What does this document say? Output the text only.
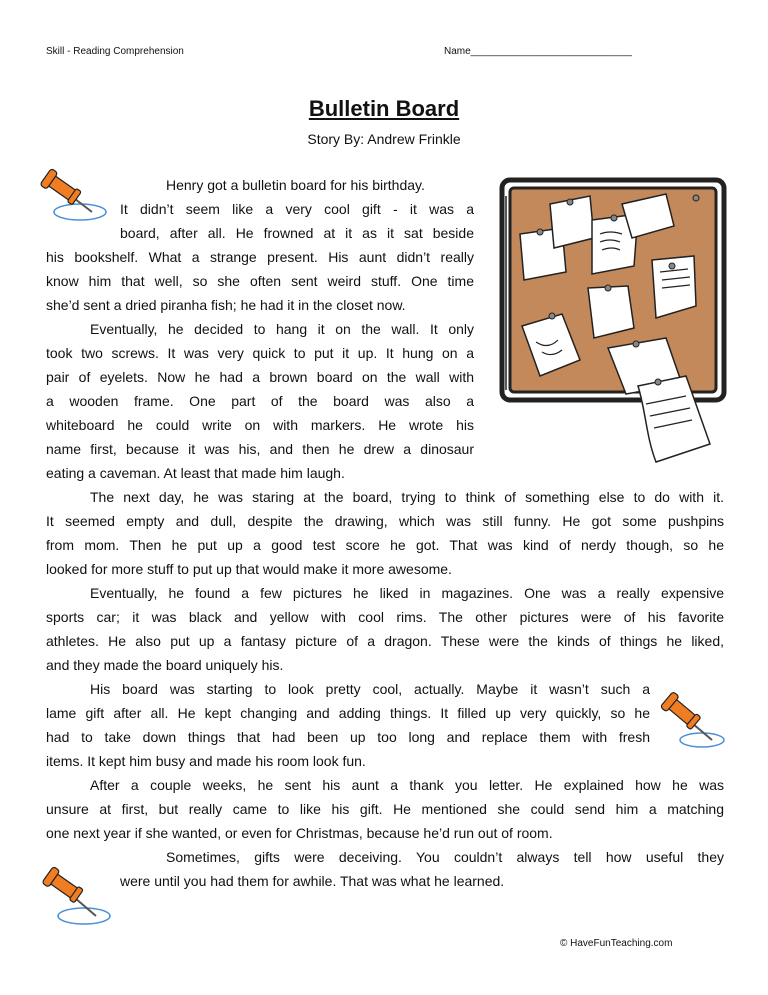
Skill - Reading Comprehension	Name_____________________________
Bulletin Board
Story By: Andrew Frinkle
Henry got a bulletin board for his birthday.
It didn’t seem like a very cool gift - it was a
board, after all. He frowned at it as it sat beside
his bookshelf. What a strange present. His aunt didn’t really
know him that well, so she often sent weird stuff. One time
she’d sent a dried piranha fish; he had it in the closet now.
Eventually, he decided to hang it on the wall. It only
took two screws. It was very quick to put it up. It hung on a
pair of eyelets. Now he had a brown board on the wall with
a wooden frame. One part of the board was also a
whiteboard he could write on with markers. He wrote his
name first, because it was his, and then he drew a dinosaur
eating a caveman. At least that made him laugh.
The next day, he was staring at the board, trying to think of something else to do with it.
It seemed empty and dull, despite the drawing, which was still funny. He got some pushpins
from mom. Then he put up a good test score he got. That was kind of nerdy though, so he
looked for more stuff to put up that would make it more awesome.
Eventually, he found a few pictures he liked in magazines. One was a really expensive
sports car; it was black and yellow with cool rims. The other pictures were of his favorite
athletes. He also put up a fantasy picture of a dragon. These were the kinds of things he liked,
and they made the board uniquely his.
His board was starting to look pretty cool, actually. Maybe it wasn’t such a
lame gift after all. He kept changing and adding things. It filled up very quickly, so he
had to take down things that had been up too long and replace them with fresh
items. It kept him busy and made his room look fun.
After a couple weeks, he sent his aunt a thank you letter. He explained how he was
unsure at first, but really came to like his gift. He mentioned she could send him a matching
one next year if she wanted, or even for Christmas, because he’d run out of room.
Sometimes, gifts were deceiving. You couldn’t always tell how useful they
were until you had them for awhile. That was what he learned.
© HaveFunTeaching.com
